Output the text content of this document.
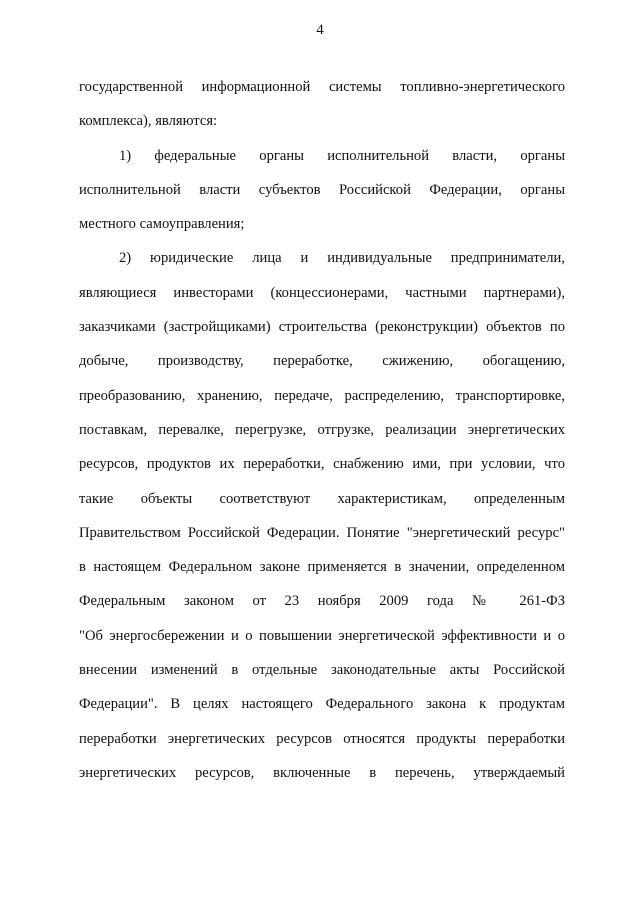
4
государственной информационной системы топливно-энергетического
комплекса), являются:
1) федеральные органы исполнительной власти, органы
исполнительной власти субъектов Российской Федерации, органы
местного самоуправления;
2) юридические лица и индивидуальные предприниматели,
являющиеся инвесторами (концессионерами, частными партнерами),
заказчиками (застройщиками) строительства (реконструкции) объектов по
добыче, производству, переработке, сжижению, обогащению,
преобразованию, хранению, передаче, распределению, транспортировке,
поставкам, перевалке, перегрузке, отгрузке, реализации энергетических
ресурсов, продуктов их переработки, снабжению ими, при условии, что
такие объекты соответствуют характеристикам, определенным
Правительством Российской Федерации. Понятие "энергетический ресурс"
в настоящем Федеральном законе применяется в значении, определенном
Федеральным законом от 23 ноября 2009 года № 261-ФЗ
"Об энергосбережении и о повышении энергетической эффективности и о
внесении изменений в отдельные законодательные акты Российской
Федерации". В целях настоящего Федерального закона к продуктам
переработки энергетических ресурсов относятся продукты переработки
энергетических ресурсов, включенные в перечень, утверждаемый
